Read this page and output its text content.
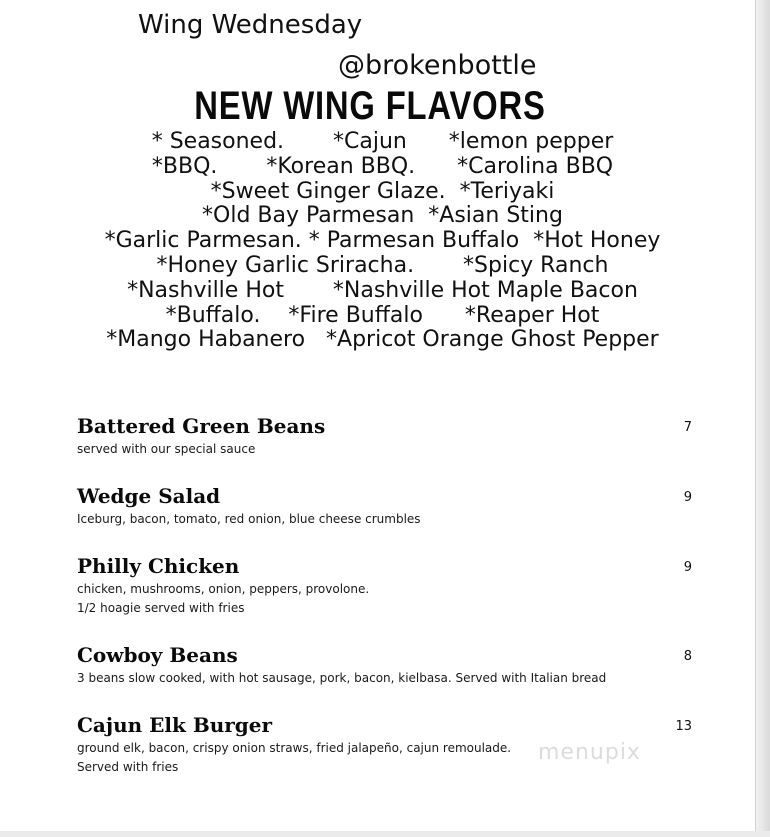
Wing Wednesday
@brokenbottle
NEW WING FLAVORS
* Seasoned.       *Cajun      *lemon pepper
*BBQ.       *Korean BBQ.      *Carolina BBQ
*Sweet Ginger Glaze.  *Teriyaki
*Old Bay Parmesan  *Asian Sting
*Garlic Parmesan. * Parmesan Buffalo  *Hot Honey
*Honey Garlic Sriracha.       *Spicy Ranch
*Nashville Hot       *Nashville Hot Maple Bacon
*Buffalo.    *Fire Buffalo      *Reaper Hot
*Mango Habanero   *Apricot Orange Ghost Pepper
Battered Green Beans
served with our special sauce
7
Wedge Salad
Iceburg, bacon, tomato, red onion, blue cheese crumbles
9
Philly Chicken
chicken, mushrooms, onion, peppers, provolone.
1/2 hoagie served with fries
9
Cowboy Beans
3 beans slow cooked, with hot sausage, pork, bacon, kielbasa. Served with Italian bread
8
Cajun Elk Burger
ground elk, bacon, crispy onion straws, fried jalapeño, cajun remoulade.
Served with fries
13
menupix
